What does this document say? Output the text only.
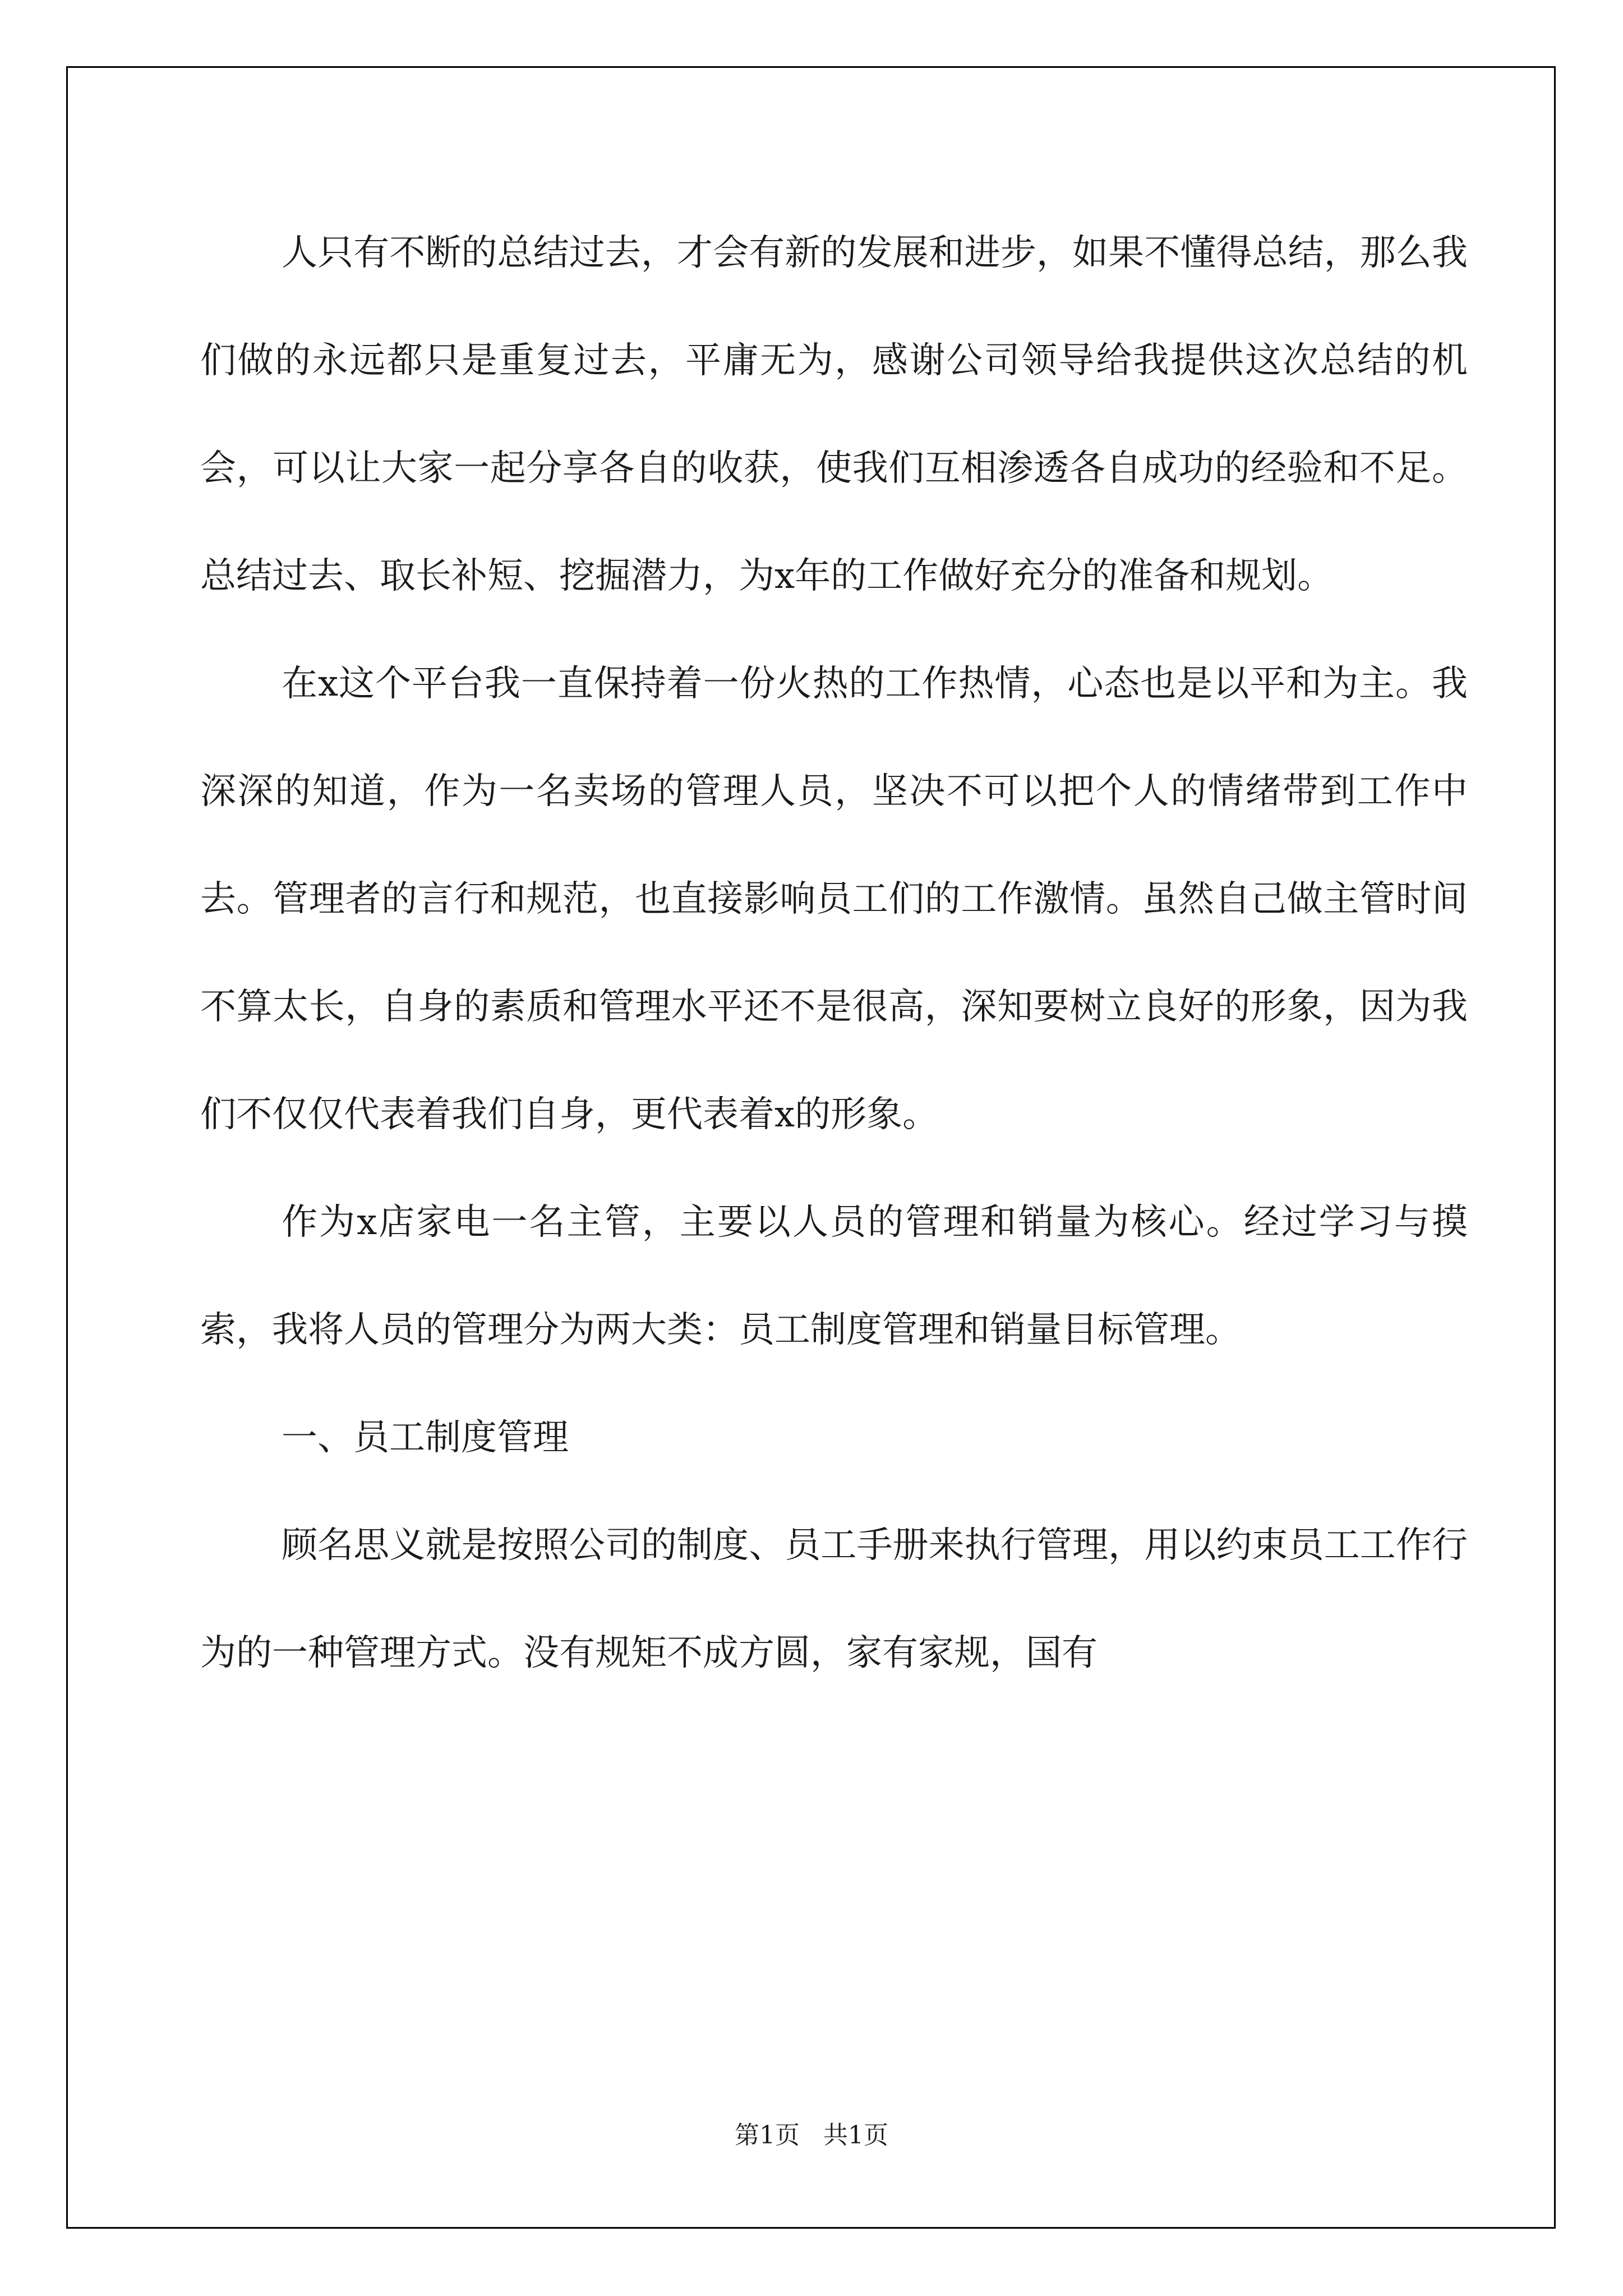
人只有不断的总结过去，才会有新的发展和进步，如果不懂得总结，那么我们做的永远都只是重复过去，平庸无为，感谢公司领导给我提供这次总结的机会，可以让大家一起分享各自的收获，使我们互相渗透各自成功的经验和不足。总结过去、取长补短、挖掘潜力，为x年的工作做好充分的准备和规划。

在x这个平台我一直保持着一份火热的工作热情，心态也是以平和为主。我深深的知道，作为一名卖场的管理人员，坚决不可以把个人的情绪带到工作中去。管理者的言行和规范，也直接影响员工们的工作激情。虽然自己做主管时间不算太长，自身的素质和管理水平还不是很高，深知要树立良好的形象，因为我们不仅仅代表着我们自身，更代表着x的形象。

作为x店家电一名主管，主要以人员的管理和销量为核心。经过学习与摸索，我将人员的管理分为两大类：员工制度管理和销量目标管理。

一、员工制度管理

顾名思义就是按照公司的制度、员工手册来执行管理，用以约束员工工作行为的一种管理方式。没有规矩不成方圆，家有家规，国有

第1页   共1页
